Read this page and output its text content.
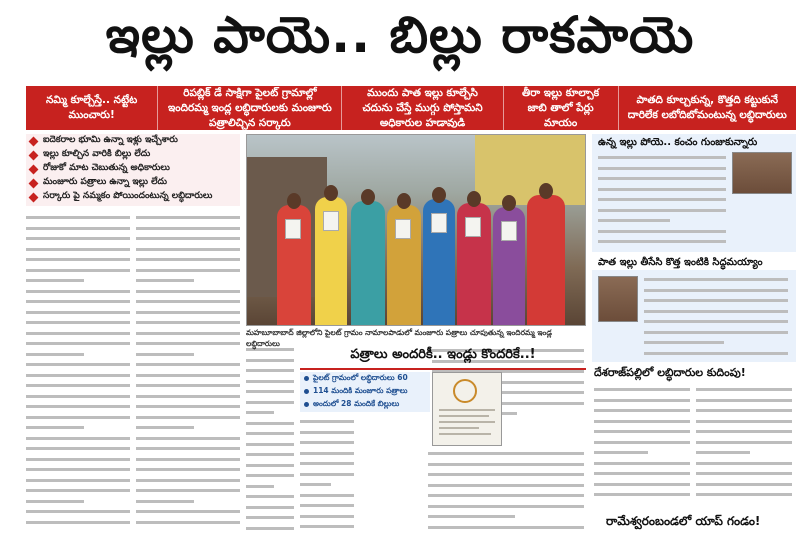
ఇల్లు పాయె.. బిల్లు రాకపాయె
నమ్మి కూల్చేస్తే.. నట్టేట ముంచారు!
రిపబ్లిక్ డే సాక్షిగా పైలట్ గ్రామాల్లో ఇందిరమ్మ ఇంద్ల లబ్ధిదారులకు మంజూరు పత్రాలిచ్చిన సర్కారు
ముందు పాత ఇల్లు కూల్చేసి చదును చేస్తే ముగ్గు పోస్తామని అధికారుల హడావుడి
తీరా ఇల్లు కూల్చాక జాబి తాలో పేర్లు మాయం
పాతది కూల్చకున్న, కొత్తది కట్టుకునే దారిలేక లబోదిబోమంటున్న లబ్ధిదారులు
ఐదెకరాల భూమి ఉన్నా ఇళ్లు ఇచ్చేశారు
ఇల్లు కూల్చిన వారికి బిల్లు లేదు
రోజుకో మాట చెబుతున్న అధికారులు
మంజూరు పత్రాలు ఉన్నా ఇల్లు లేదు
సర్కారు పై నమ్మకం పోయిందంటున్న లబ్ధిదారులు
మహబూబాబాద్ జిల్లాలోని పైలట్ గ్రామం నామాలపాడులో మంజూరు పత్రాలు చూపుతున్న ఇందిరమ్మ ఇండ్ల లబ్ధిదారులు
పత్రాలు అందరికీ.. ఇండ్లు కొందరికే..!
పైలట్ గ్రామంలో లబ్ధిదారులు 60
114 మందికి మంజూరు పత్రాలు
అందులో 28 మందికే బిల్లులు
ఉన్న ఇల్లు పోయె.. కంచం గుంజుకున్నారు
పాత ఇల్లు తీసేసి కొత్త ఇంటికి సిద్ధమయ్యాం
దేశరాజ్‌పల్లిలో లబ్ధిదారుల కుదింపు!
రామేశ్వరంబండలో యాప్ గండం!
